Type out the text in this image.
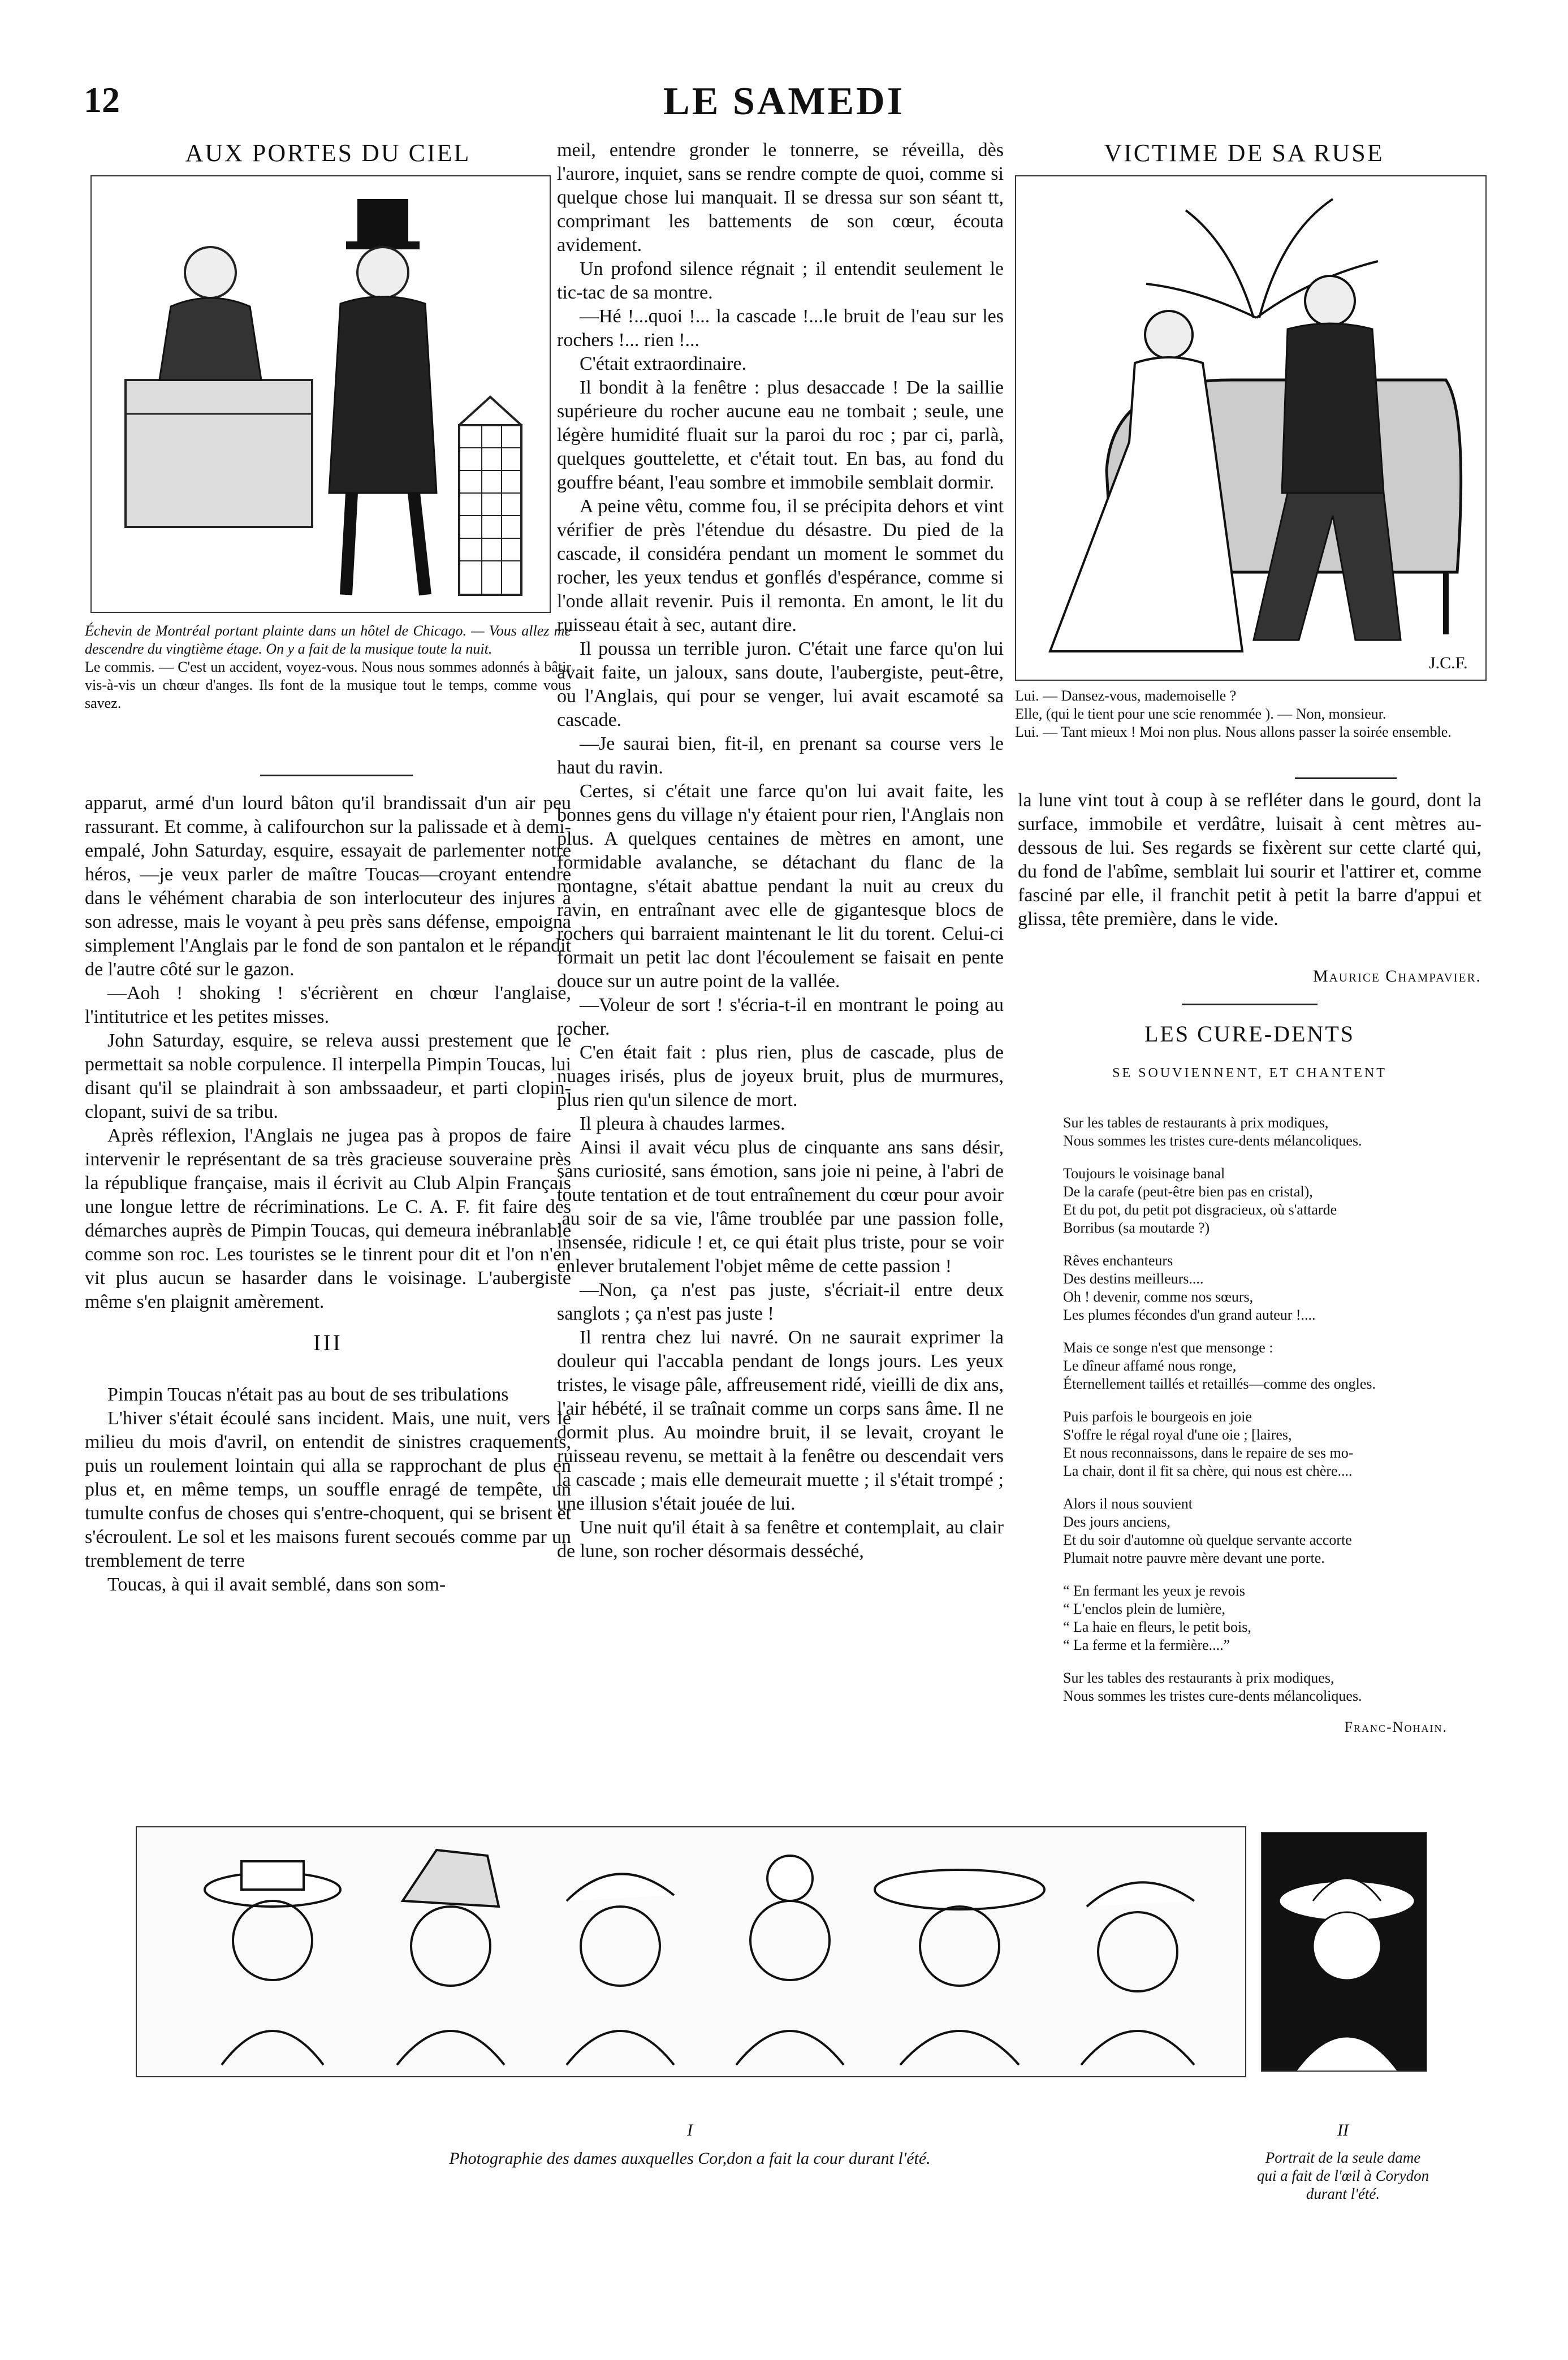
12	LE SAMEDI
AUX PORTES DU CIEL
Échevin de Montréal portant plainte dans un hôtel de Chicago. — Vous allez me descendre du vingtième étage. On y a fait de la musique toute la nuit.
Le commis. — C'est un accident, voyez-vous. Nous nous sommes adonnés à bâtir vis-à-vis un chœur d'anges. Ils font de la musique tout le temps, comme vous savez.

apparut, armé d'un lourd bâton qu'il brandissait d'un air peu rassurant. Et comme, à califourchon sur la palissade et à demi-empalé, John Saturday, esquire, essayait de parlementer notre héros, —je veux parler de maître Toucas—croyant entendre dans le véhément charabia de son interlocuteur des injures à son adresse, mais le voyant à peu près sans défense, empoigna simplement l'Anglais par le fond de son pantalon et le répandit de l'autre côté sur le gazon.

—Aoh ! shoking ! s'écrièrent en chœur l'anglaise, l'intitutrice et les petites misses.

John Saturday, esquire, se releva aussi prestement que le permettait sa noble corpulence. Il interpella Pimpin Toucas, lui disant qu'il se plaindrait à son ambssaadeur, et parti clopin-clopant, suivi de sa tribu.

Après réflexion, l'Anglais ne jugea pas à propos de faire intervenir le représentant de sa très gracieuse souveraine près la république française, mais il écrivit au Club Alpin Français une longue lettre de récriminations. Le C. A. F. fit faire des démarches auprès de Pimpin Toucas, qui demeura inébranlable comme son roc. Les touristes se le tinrent pour dit et l'on n'en vit plus aucun se hasarder dans le voisinage. L'aubergiste même s'en plaignit amèrement.

III

Pimpin Toucas n'était pas au bout de ses tribulations

L'hiver s'était écoulé sans incident. Mais, une nuit, vers le milieu du mois d'avril, on entendit de sinistres craquements, puis un roulement lointain qui alla se rapprochant de plus en plus et, en même temps, un souffle enragé de tempête, un tumulte confus de choses qui s'entre-choquent, qui se brisent et s'écroulent. Le sol et les maisons furent secoués comme par un tremblement de terre

Toucas, à qui il avait semblé, dans son som-

meil, entendre gronder le tonnerre, se réveilla, dès l'aurore, inquiet, sans se rendre compte de quoi, comme si quelque chose lui manquait. Il se dressa sur son séant tt, comprimant les battements de son cœur, écouta avidement.

Un profond silence régnait ; il entendit seulement le tic-tac de sa montre.

—Hé !...quoi !... la cascade !...le bruit de l'eau sur les rochers !... rien !...

C'était extraordinaire.

Il bondit à la fenêtre : plus desaccade ! De la saillie supérieure du rocher aucune eau ne tombait ; seule, une légère humidité fluait sur la paroi du roc ; par ci, parlà, quelques gouttelette, et c'était tout. En bas, au fond du gouffre béant, l'eau sombre et immobile semblait dormir.

A peine vêtu, comme fou, il se précipita dehors et vint vérifier de près l'étendue du désastre. Du pied de la cascade, il considéra pendant un moment le sommet du rocher, les yeux tendus et gonflés d'espérance, comme si l'onde allait revenir. Puis il remonta. En amont, le lit du ruisseau était à sec, autant dire.

Il poussa un terrible juron. C'était une farce qu'on lui avait faite, un jaloux, sans doute, l'aubergiste, peut-être, ou l'Anglais, qui pour se venger, lui avait escamoté sa cascade.

—Je saurai bien, fit-il, en prenant sa course vers le haut du ravin.

Certes, si c'était une farce qu'on lui avait faite, les bonnes gens du village n'y étaient pour rien, l'Anglais non plus. A quelques centaines de mètres en amont, une formidable avalanche, se détachant du flanc de la montagne, s'était abattue pendant la nuit au creux du ravin, en entraînant avec elle de gigantesque blocs de rochers qui barraient maintenant le lit du torent. Celui-ci formait un petit lac dont l'écoulement se faisait en pente douce sur un autre point de la vallée.

—Voleur de sort ! s'écria-t-il en montrant le poing au rocher.

C'en était fait : plus rien, plus de cascade, plus de nuages irisés, plus de joyeux bruit, plus de murmures, plus rien qu'un silence de mort.

Il pleura à chaudes larmes.

Ainsi il avait vécu plus de cinquante ans sans désir, sans curiosité, sans émotion, sans joie ni peine, à l'abri de toute tentation et de tout entraînement du cœur pour avoir ,au soir de sa vie, l'âme troublée par une passion folle, insensée, ridicule ! et, ce qui était plus triste, pour se voir enlever brutalement l'objet même de cette passion !

—Non, ça n'est pas juste, s'écriait-il entre deux sanglots ; ça n'est pas juste !

Il rentra chez lui navré. On ne saurait exprimer la douleur qui l'accabla pendant de longs jours. Les yeux tristes, le visage pâle, affreusement ridé, vieilli de dix ans, l'air hébété, il se traînait comme un corps sans âme. Il ne dormit plus. Au moindre bruit, il se levait, croyant le ruisseau revenu, se mettait à la fenêtre ou descendait vers la cascade ; mais elle demeurait muette ; il s'était trompé ; une illusion s'était jouée de lui.

Une nuit qu'il était à sa fenêtre et contemplait, au clair de lune, son rocher désormais desséché,

VICTIME DE SA RUSE
J.C.F.
Lui. — Dansez-vous, mademoiselle ?
Elle, (qui le tient pour une scie renommée ). — Non, monsieur.
Lui. — Tant mieux ! Moi non plus. Nous allons passer la soirée ensemble.

la lune vint tout à coup à se refléter dans le gourd, dont la surface, immobile et verdâtre, luisait à cent mètres au-dessous de lui. Ses regards se fixèrent sur cette clarté qui, du fond de l'abîme, semblait lui sourir et l'attirer et, comme fasciné par elle, il franchit petit à petit la barre d'appui et glissa, tête première, dans le vide.

Maurice Champavier.
LES CURE-DENTS
SE SOUVIENNENT, ET CHANTENT
Sur les tables de restaurants à prix modiques,
Nous sommes les tristes cure-dents mélancoliques.
Toujours le voisinage banal
De la carafe (peut-être bien pas en cristal),
Et du pot, du petit pot disgracieux, où s'attarde
Borribus (sa moutarde ?)
Rêves enchanteurs
Des destins meilleurs....
Oh ! devenir, comme nos sœurs,
Les plumes fécondes d'un grand auteur !....
Mais ce songe n'est que mensonge :
Le dîneur affamé nous ronge,
Éternellement taillés et retaillés—comme des ongles.
Puis parfois le bourgeois en joie
S'offre le régal royal d'une oie ; [laires,
Et nous reconnaissons, dans le repaire de ses mo-
La chair, dont il fit sa chère, qui nous est chère....
Alors il nous souvient
Des jours anciens,
Et du soir d'automne où quelque servante accorte
Plumait notre pauvre mère devant une porte.
“ En fermant les yeux je revois
“ L'enclos plein de lumière,
“ La haie en fleurs, le petit bois,
“ La ferme et la fermière....”
Sur les tables des restaurants à prix modiques,
Nous sommes les tristes cure-dents mélancoliques.
Franc-Nohain.
I
Photographie des dames auxquelles Cor,don a fait la cour durant l'été.
II
Portrait de la seule dame
qui a fait de l'œil à Corydon
durant l'été.
